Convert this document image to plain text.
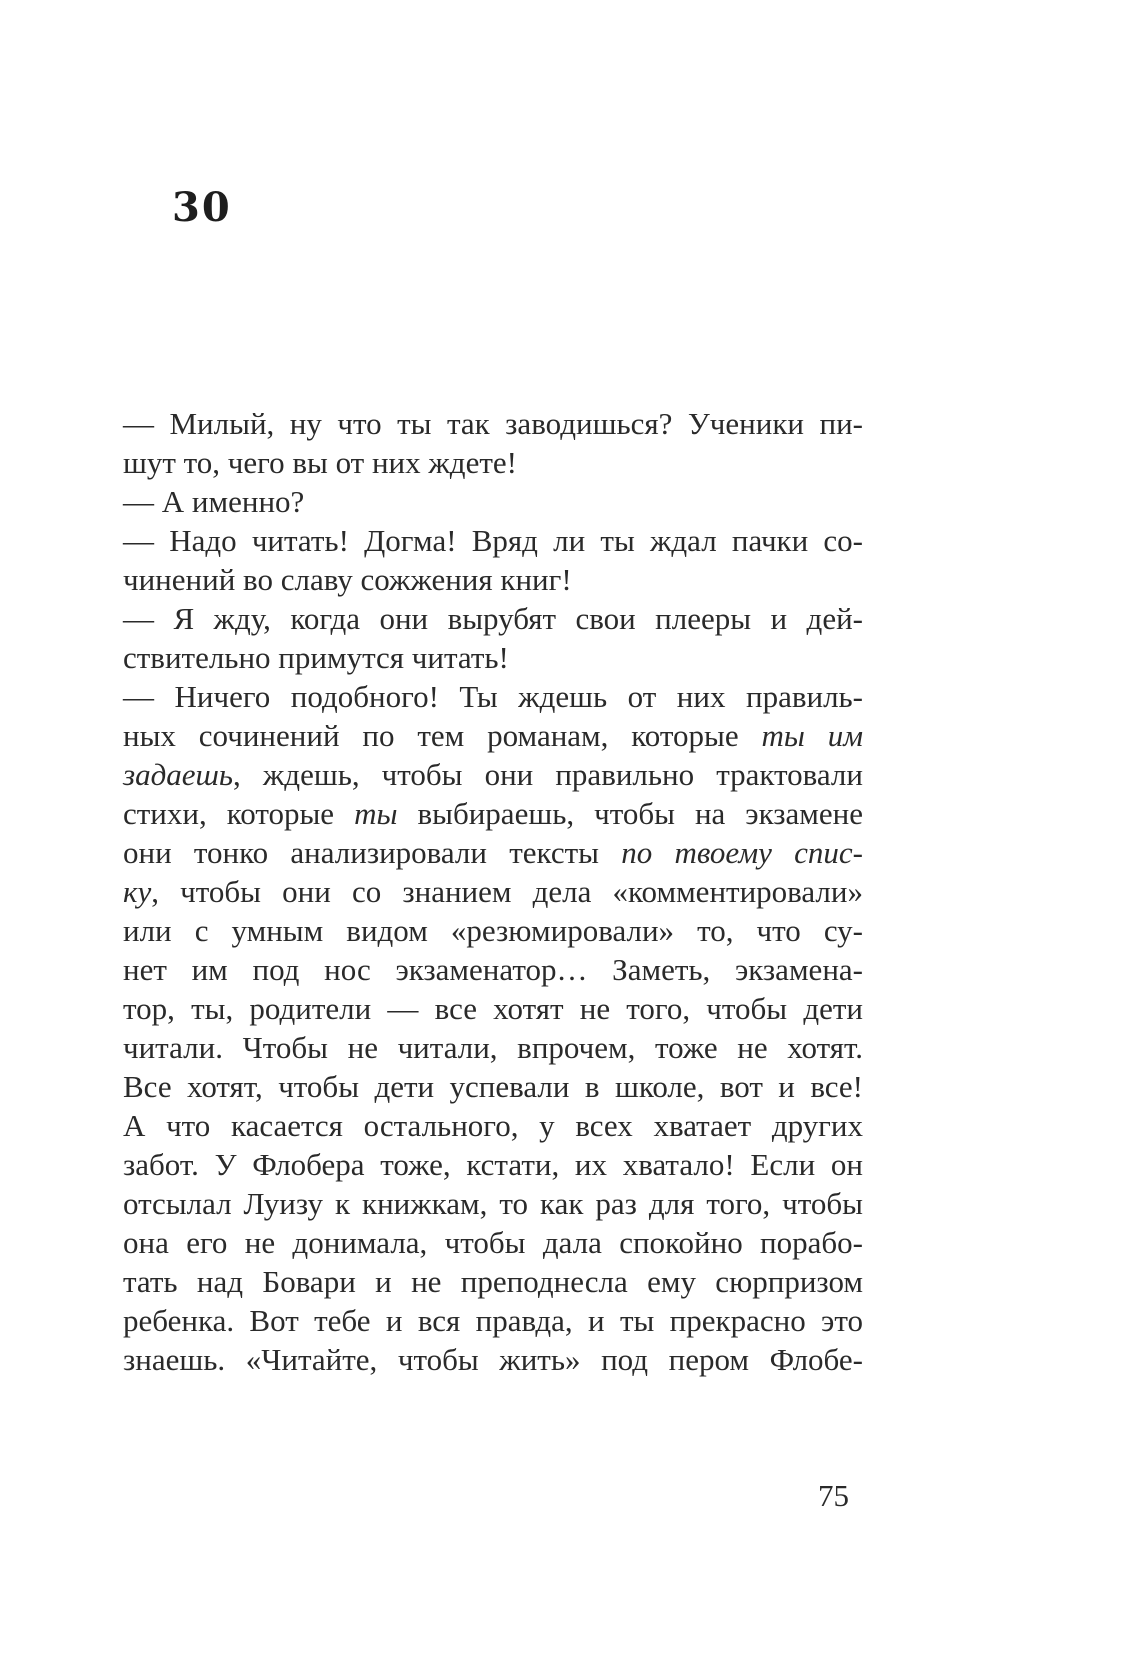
30
— Милый, ну что ты так заводишься? Ученики пи-
шут то, чего вы от них ждете!
— А именно?
— Надо читать! Догма! Вряд ли ты ждал пачки со-
чинений во славу сожжения книг!
— Я жду, когда они вырубят свои плееры и дей-
ствительно примутся читать!
— Ничего подобного! Ты ждешь от них правиль-
ных сочинений по тем романам, которые ты им
задаешь, ждешь, чтобы они правильно трактовали
стихи, которые ты выбираешь, чтобы на экзамене
они тонко анализировали тексты по твоему спис-
ку, чтобы они со знанием дела «комментировали»
или с умным видом «резюмировали» то, что су-
нет им под нос экзаменатор… Заметь, экзамена-
тор, ты, родители — все хотят не того, чтобы дети
читали. Чтобы не читали, впрочем, тоже не хотят.
Все хотят, чтобы дети успевали в школе, вот и все!
А что касается остального, у всех хватает других
забот. У Флобера тоже, кстати, их хватало! Если он
отсылал Луизу к книжкам, то как раз для того, чтобы
она его не донимала, чтобы дала спокойно порабо-
тать над Бовари и не преподнесла ему сюрпризом
ребенка. Вот тебе и вся правда, и ты прекрасно это
знаешь. «Читайте, чтобы жить» под пером Флобе-
75
